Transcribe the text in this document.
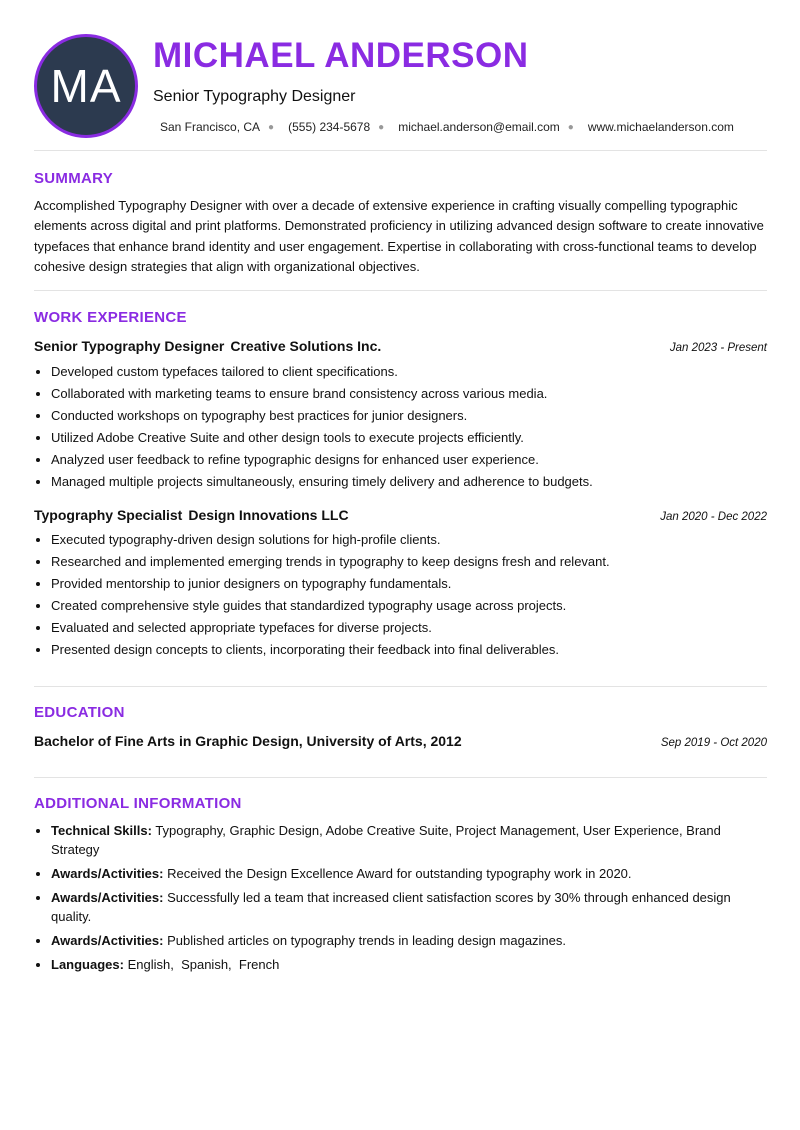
MA
MICHAEL ANDERSON
Senior Typography Designer
San Francisco, CA ● (555) 234-5678 ● michael.anderson@email.com ● www.michaelanderson.com
SUMMARY
Accomplished Typography Designer with over a decade of extensive experience in crafting visually compelling typographic elements across digital and print platforms. Demonstrated proficiency in utilizing advanced design software to create innovative typefaces that enhance brand identity and user engagement. Expertise in collaborating with cross-functional teams to develop cohesive design strategies that align with organizational objectives.
WORK EXPERIENCE
Senior Typography Designer Creative Solutions Inc.	Jan 2023 - Present
• Developed custom typefaces tailored to client specifications.
• Collaborated with marketing teams to ensure brand consistency across various media.
• Conducted workshops on typography best practices for junior designers.
• Utilized Adobe Creative Suite and other design tools to execute projects efficiently.
• Analyzed user feedback to refine typographic designs for enhanced user experience.
• Managed multiple projects simultaneously, ensuring timely delivery and adherence to budgets.
Typography Specialist Design Innovations LLC	Jan 2020 - Dec 2022
• Executed typography-driven design solutions for high-profile clients.
• Researched and implemented emerging trends in typography to keep designs fresh and relevant.
• Provided mentorship to junior designers on typography fundamentals.
• Created comprehensive style guides that standardized typography usage across projects.
• Evaluated and selected appropriate typefaces for diverse projects.
• Presented design concepts to clients, incorporating their feedback into final deliverables.
EDUCATION
Bachelor of Fine Arts in Graphic Design, University of Arts, 2012	Sep 2019 - Oct 2020
ADDITIONAL INFORMATION
• Technical Skills: Typography, Graphic Design, Adobe Creative Suite, Project Management, User Experience, Brand Strategy
• Awards/Activities: Received the Design Excellence Award for outstanding typography work in 2020.
• Awards/Activities: Successfully led a team that increased client satisfaction scores by 30% through enhanced design quality.
• Awards/Activities: Published articles on typography trends in leading design magazines.
• Languages: English,  Spanish,  French
